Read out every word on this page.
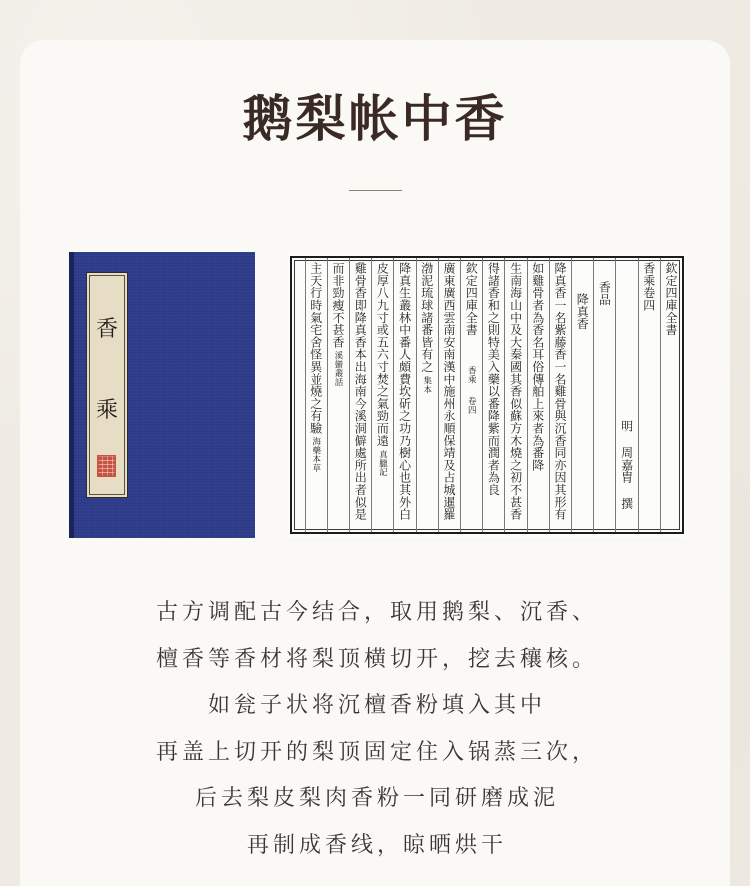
鹅梨帐中香
香
乘
欽定四庫全書
香乘卷四
明 周嘉胄 撰
香品
降真香
降真香一名紫藤香一名雞骨與沉香同亦因其形有
如雞骨者為香名耳俗傳舶上來者為番降
生南海山中及大秦國其香似蘇方木燒之初不甚香
得諸香和之則特美入藥以番降紫而潤者為良
欽定四庫全書香乘 卷四
廣東廣西雲南安南漢中施州永順保靖及占城暹羅
渤泥琉球諸番皆有之集本
降真生叢林中番人頗費坎斫之功乃樹心也其外白
皮厚八九寸或五六寸焚之氣勁而遠真臘記
雞骨香即降真香本出海南今溪洞僻處所出者似是
而非勁瘦不甚香溪蠻叢話
主天行時氣宅舍怪異並燒之有驗海藥本草
古方调配古今结合，取用鹅梨、沉香、
檀香等香材将梨顶横切开，挖去穰核。
如瓮子状将沉檀香粉填入其中
再盖上切开的梨顶固定住入锅蒸三次，
后去梨皮梨肉香粉一同研磨成泥
再制成香线，晾晒烘干
